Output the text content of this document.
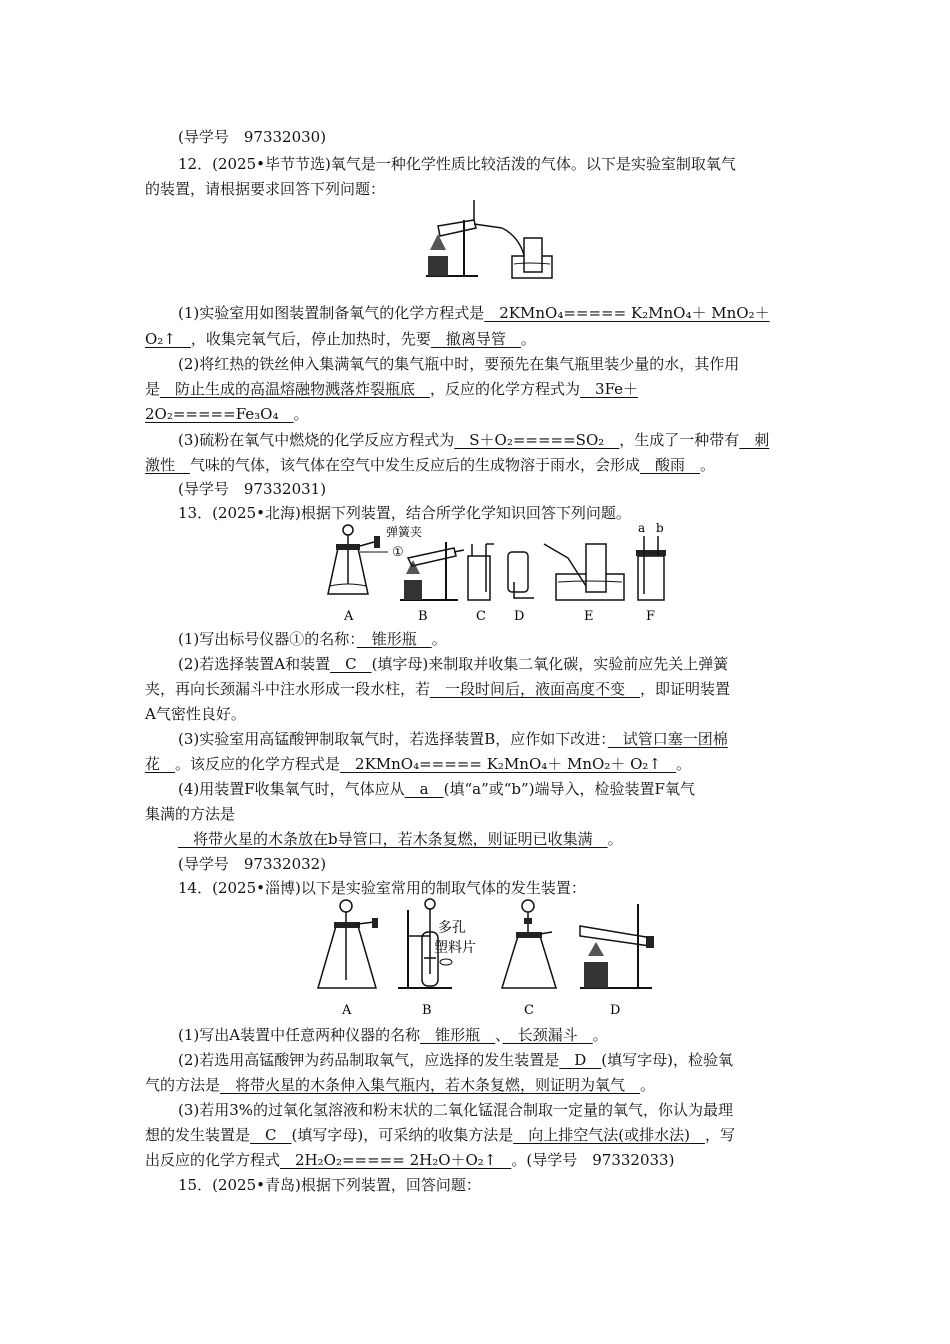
(导学号　97332030)
12．(2025•毕节节选)氧气是一种化学性质比较活泼的气体。以下是实验室制取氧气
的装置，请根据要求回答下列问题：
(1)实验室用如图装置制备氧气的化学方程式是　2KMnO₄===== K₂MnO₄＋ MnO₂＋
O₂↑　，收集完氧气后，停止加热时，先要　撤离导管　。
(2)将红热的铁丝伸入集满氧气的集气瓶中时，要预先在集气瓶里装少量的水，其作用
是　防止生成的高温熔融物溅落炸裂瓶底　，反应的化学方程式为　3Fe＋
2O₂=====Fe₃O₄　。
(3)硫粉在氧气中燃烧的化学反应方程式为　S＋O₂=====SO₂　，生成了一种带有　刺
激性　气味的气体，该气体在空气中发生反应后的生成物溶于雨水，会形成　酸雨　。
(导学号　97332031)
13．(2025•北海)根据下列装置，结合所学化学知识回答下列问题。
①
弹簧夹	a b
A	B	C D	E	F
(1)写出标号仪器①的名称：　锥形瓶　。
(2)若选择装置A和装置　C　(填字母)来制取并收集二氧化碳，实验前应先关上弹簧
夹，再向长颈漏斗中注水形成一段水柱，若　一段时间后，液面高度不变　，即证明装置
A气密性良好。
(3)实验室用高锰酸钾制取氧气时，若选择装置B，应作如下改进：　试管口塞一团棉
花　。该反应的化学方程式是　2KMnO₄===== K₂MnO₄＋ MnO₂＋ O₂↑　。
(4)用装置F收集氧气时，气体应从　a　(填“a”或“b”)端导入，检验装置F氧气
集满的方法是
　将带火星的木条放在b导管口，若木条复燃，则证明已收集满　。
(导学号　97332032)
14．(2025•淄博)以下是实验室常用的制取气体的发生装置：
多孔
塑料片
A	B	C	D
(1)写出A装置中任意两种仪器的名称　锥形瓶　、　长颈漏斗　。
(2)若选用高锰酸钾为药品制取氧气，应选择的发生装置是　D　(填写字母)，检验氧
气的方法是　将带火星的木条伸入集气瓶内，若木条复燃，则证明为氧气　。
(3)若用3%的过氧化氢溶液和粉末状的二氧化锰混合制取一定量的氧气，你认为最理
想的发生装置是　C　(填写字母)，可采纳的收集方法是　向上排空气法(或排水法)　，写
出反应的化学方程式　2H₂O₂===== 2H₂O＋O₂↑　。(导学号　97332033)
15．(2025•青岛)根据下列装置，回答问题：
